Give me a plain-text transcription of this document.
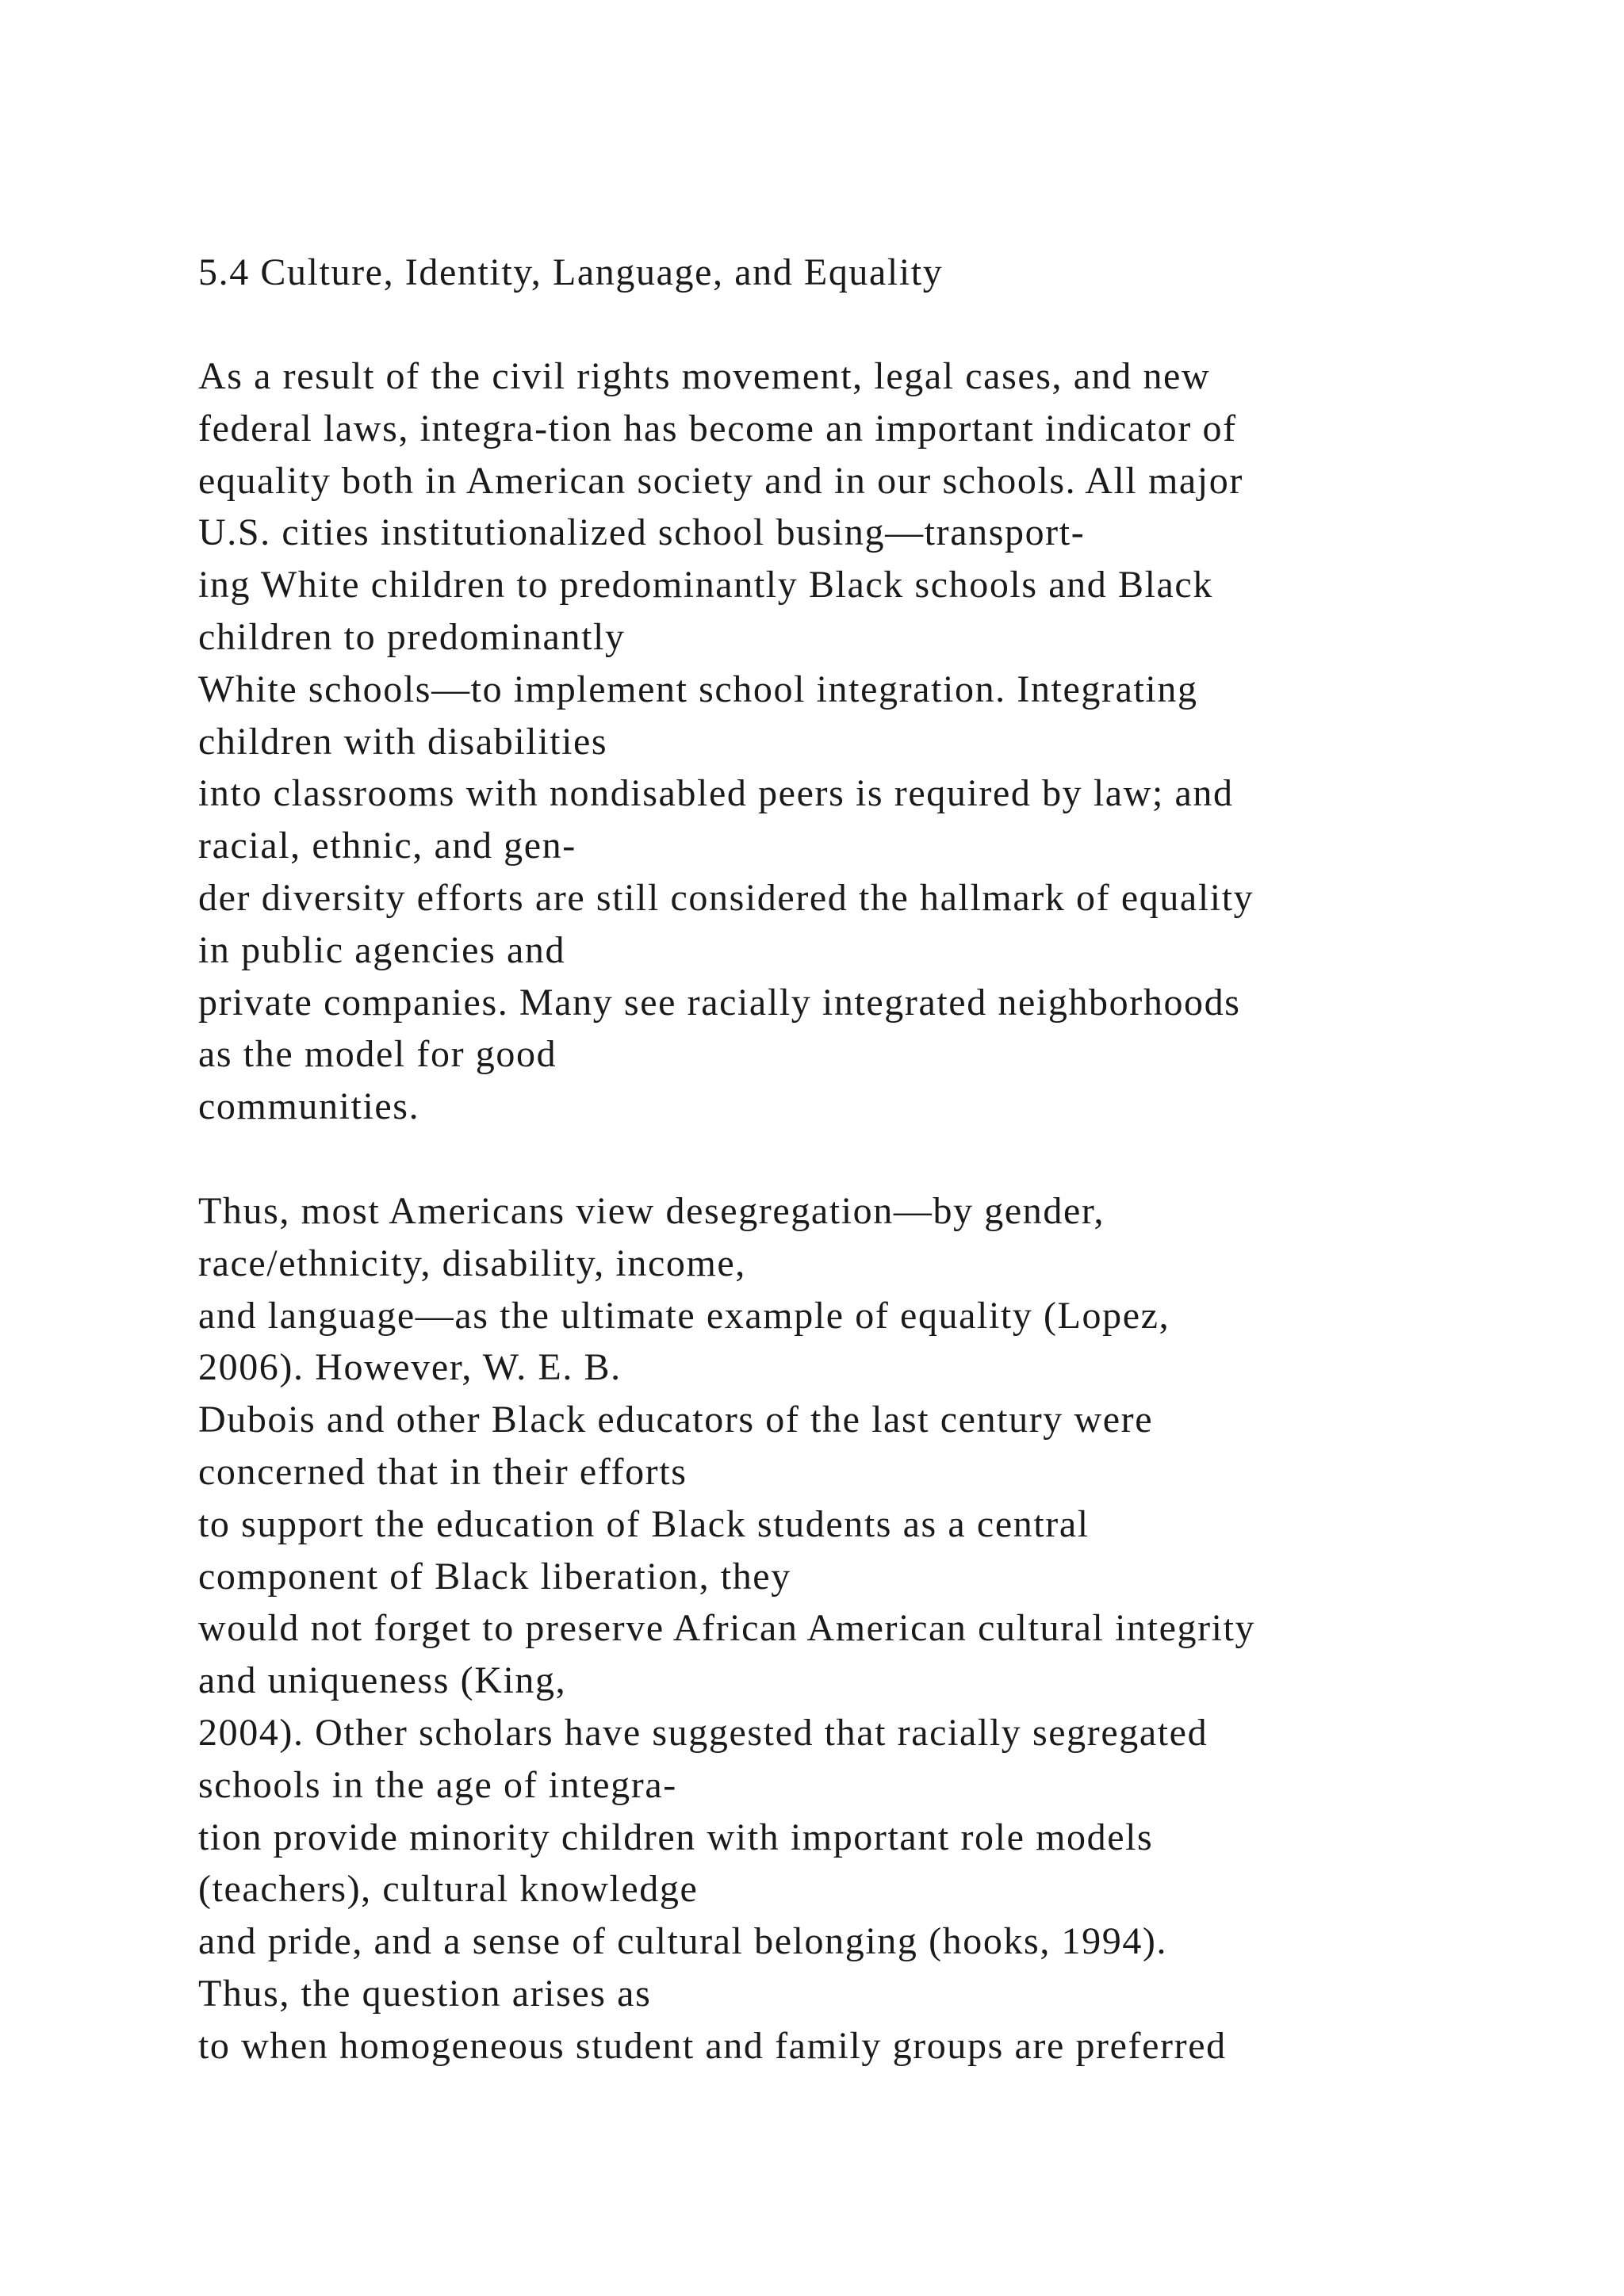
5.4 Culture, Identity, Language, and Equality
As a result of the civil rights movement, legal cases, and new
federal laws, integra-tion has become an important indicator of
equality both in American society and in our schools. All major
U.S. cities institutionalized school busing—transport-
ing White children to predominantly Black schools and Black
children to predominantly
White schools—to implement school integration. Integrating
children with disabilities
into classrooms with nondisabled peers is required by law; and
racial, ethnic, and gen-
der diversity efforts are still considered the hallmark of equality
in public agencies and
private companies. Many see racially integrated neighborhoods
as the model for good
communities.
Thus, most Americans view desegregation—by gender,
race/ethnicity, disability, income,
and language—as the ultimate example of equality (Lopez,
2006). However, W. E. B.
Dubois and other Black educators of the last century were
concerned that in their efforts
to support the education of Black students as a central
component of Black liberation, they
would not forget to preserve African American cultural integrity
and uniqueness (King,
2004). Other scholars have suggested that racially segregated
schools in the age of integra-
tion provide minority children with important role models
(teachers), cultural knowledge
and pride, and a sense of cultural belonging (hooks, 1994).
Thus, the question arises as
to when homogeneous student and family groups are preferred
